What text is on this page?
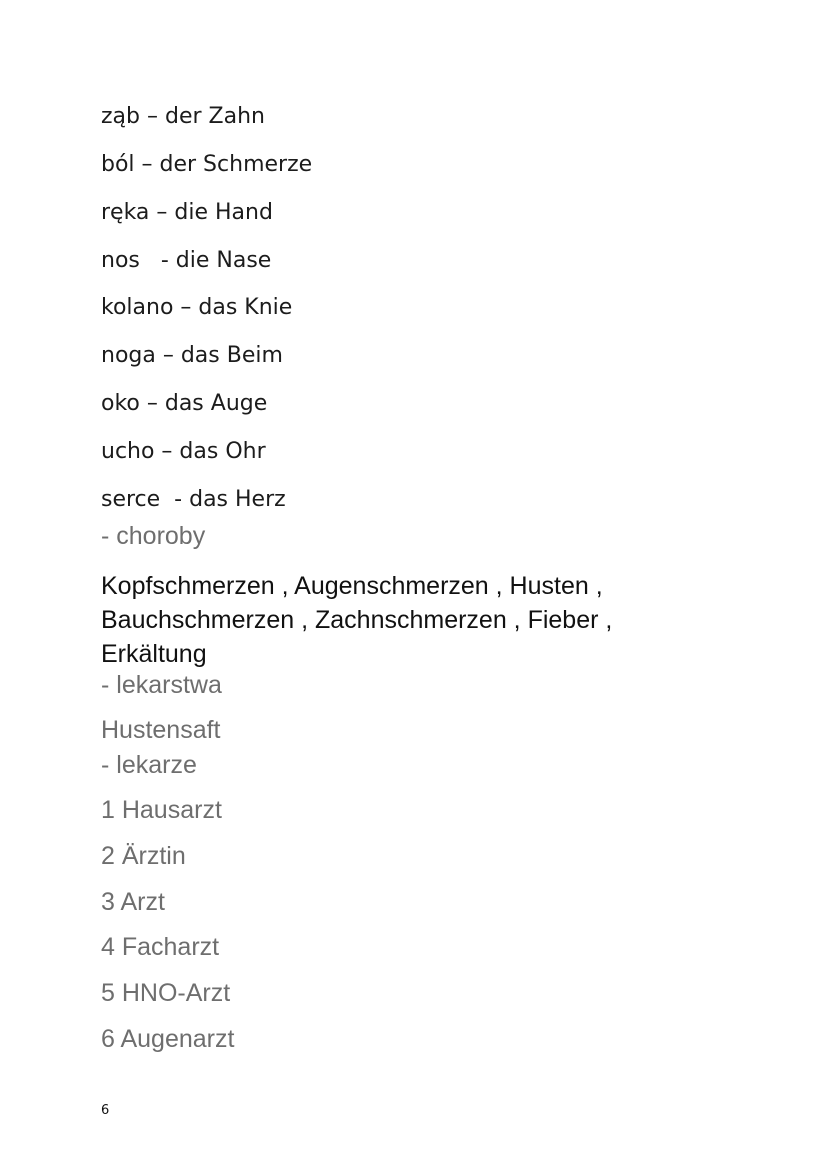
ząb – der Zahn
ból – der Schmerze
ręka – die Hand
nos   - die Nase
kolano – das Knie
noga – das Beim
oko – das Auge
ucho – das Ohr
serce  - das Herz
- choroby
Kopfschmerzen , Augenschmerzen , Husten ,
Bauchschmerzen , Zachnschmerzen , Fieber ,
Erkältung
- lekarstwa
Hustensaft
- lekarze
1 Hausarzt
2 Ärztin
3 Arzt
4 Facharzt
5 HNO-Arzt
6 Augenarzt
6
